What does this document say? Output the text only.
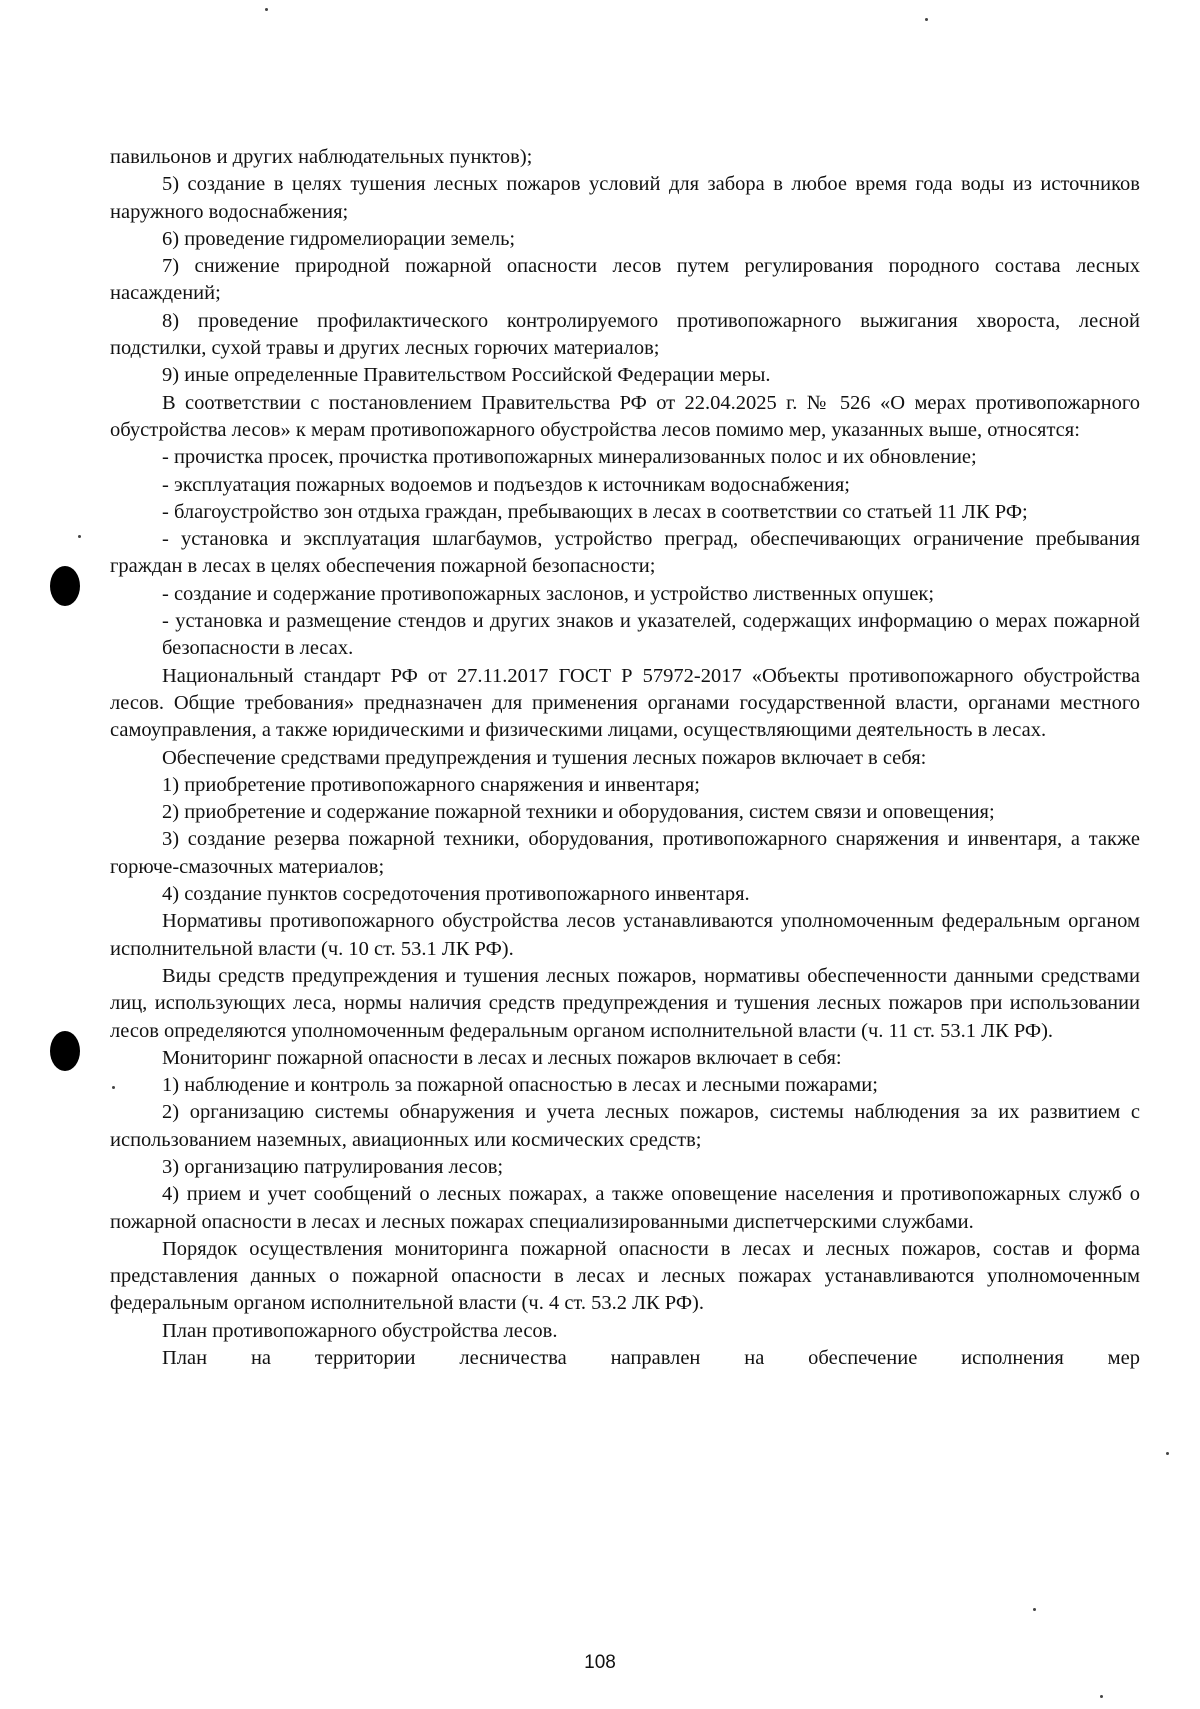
павильонов и других наблюдательных пунктов);

5) создание в целях тушения лесных пожаров условий для забора в любое время года воды из источников наружного водоснабжения;

6) проведение гидромелиорации земель;

7) снижение природной пожарной опасности лесов путем регулирования породного состава лесных насаждений;

8) проведение профилактического контролируемого противопожарного выжигания хвороста, лесной подстилки, сухой травы и других лесных горючих материалов;

9) иные определенные Правительством Российской Федерации меры.

В соответствии с постановлением Правительства РФ от 22.04.2025 г. № 526 «О мерах противопожарного обустройства лесов» к мерам противопожарного обустройства лесов помимо мер, указанных выше, относятся:

- прочистка просек, прочистка противопожарных минерализованных полос и их обновление;

- эксплуатация пожарных водоемов и подъездов к источникам водоснабжения;

- благоустройство зон отдыха граждан, пребывающих в лесах в соответствии со статьей 11 ЛК РФ;

- установка и эксплуатация шлагбаумов, устройство преград, обеспечивающих ограничение пребывания граждан в лесах в целях обеспечения пожарной безопасности;

- создание и содержание противопожарных заслонов, и устройство лиственных опушек;

- установка и размещение стендов и других знаков и указателей, содержащих информацию о мерах пожарной безопасности в лесах.

Национальный стандарт РФ от 27.11.2017 ГОСТ Р 57972-2017 «Объекты противопожарного обустройства лесов. Общие требования» предназначен для применения органами государственной власти, органами местного самоуправления, а также юридическими и физическими лицами, осуществляющими деятельность в лесах.

Обеспечение средствами предупреждения и тушения лесных пожаров включает в себя:

1) приобретение противопожарного снаряжения и инвентаря;

2) приобретение и содержание пожарной техники и оборудования, систем связи и оповещения;

3) создание резерва пожарной техники, оборудования, противопожарного снаряжения и инвентаря, а также горюче-смазочных материалов;

4) создание пунктов сосредоточения противопожарного инвентаря.

Нормативы противопожарного обустройства лесов устанавливаются уполномоченным федеральным органом исполнительной власти (ч. 10 ст. 53.1 ЛК РФ).

Виды средств предупреждения и тушения лесных пожаров, нормативы обеспеченности данными средствами лиц, использующих леса, нормы наличия средств предупреждения и тушения лесных пожаров при использовании лесов определяются уполномоченным федеральным органом исполнительной власти (ч. 11 ст. 53.1 ЛК РФ).

Мониторинг пожарной опасности в лесах и лесных пожаров включает в себя:

1) наблюдение и контроль за пожарной опасностью в лесах и лесными пожарами;

2) организацию системы обнаружения и учета лесных пожаров, системы наблюдения за их развитием с использованием наземных, авиационных или космических средств;

3) организацию патрулирования лесов;

4) прием и учет сообщений о лесных пожарах, а также оповещение населения и противопожарных служб о пожарной опасности в лесах и лесных пожарах специализированными диспетчерскими службами.

Порядок осуществления мониторинга пожарной опасности в лесах и лесных пожаров, состав и форма представления данных о пожарной опасности в лесах и лесных пожарах устанавливаются уполномоченным федеральным органом исполнительной власти (ч. 4 ст. 53.2 ЛК РФ).

План противопожарного обустройства лесов.

План на территории лесничества направлен на обеспечение исполнения мер

108
